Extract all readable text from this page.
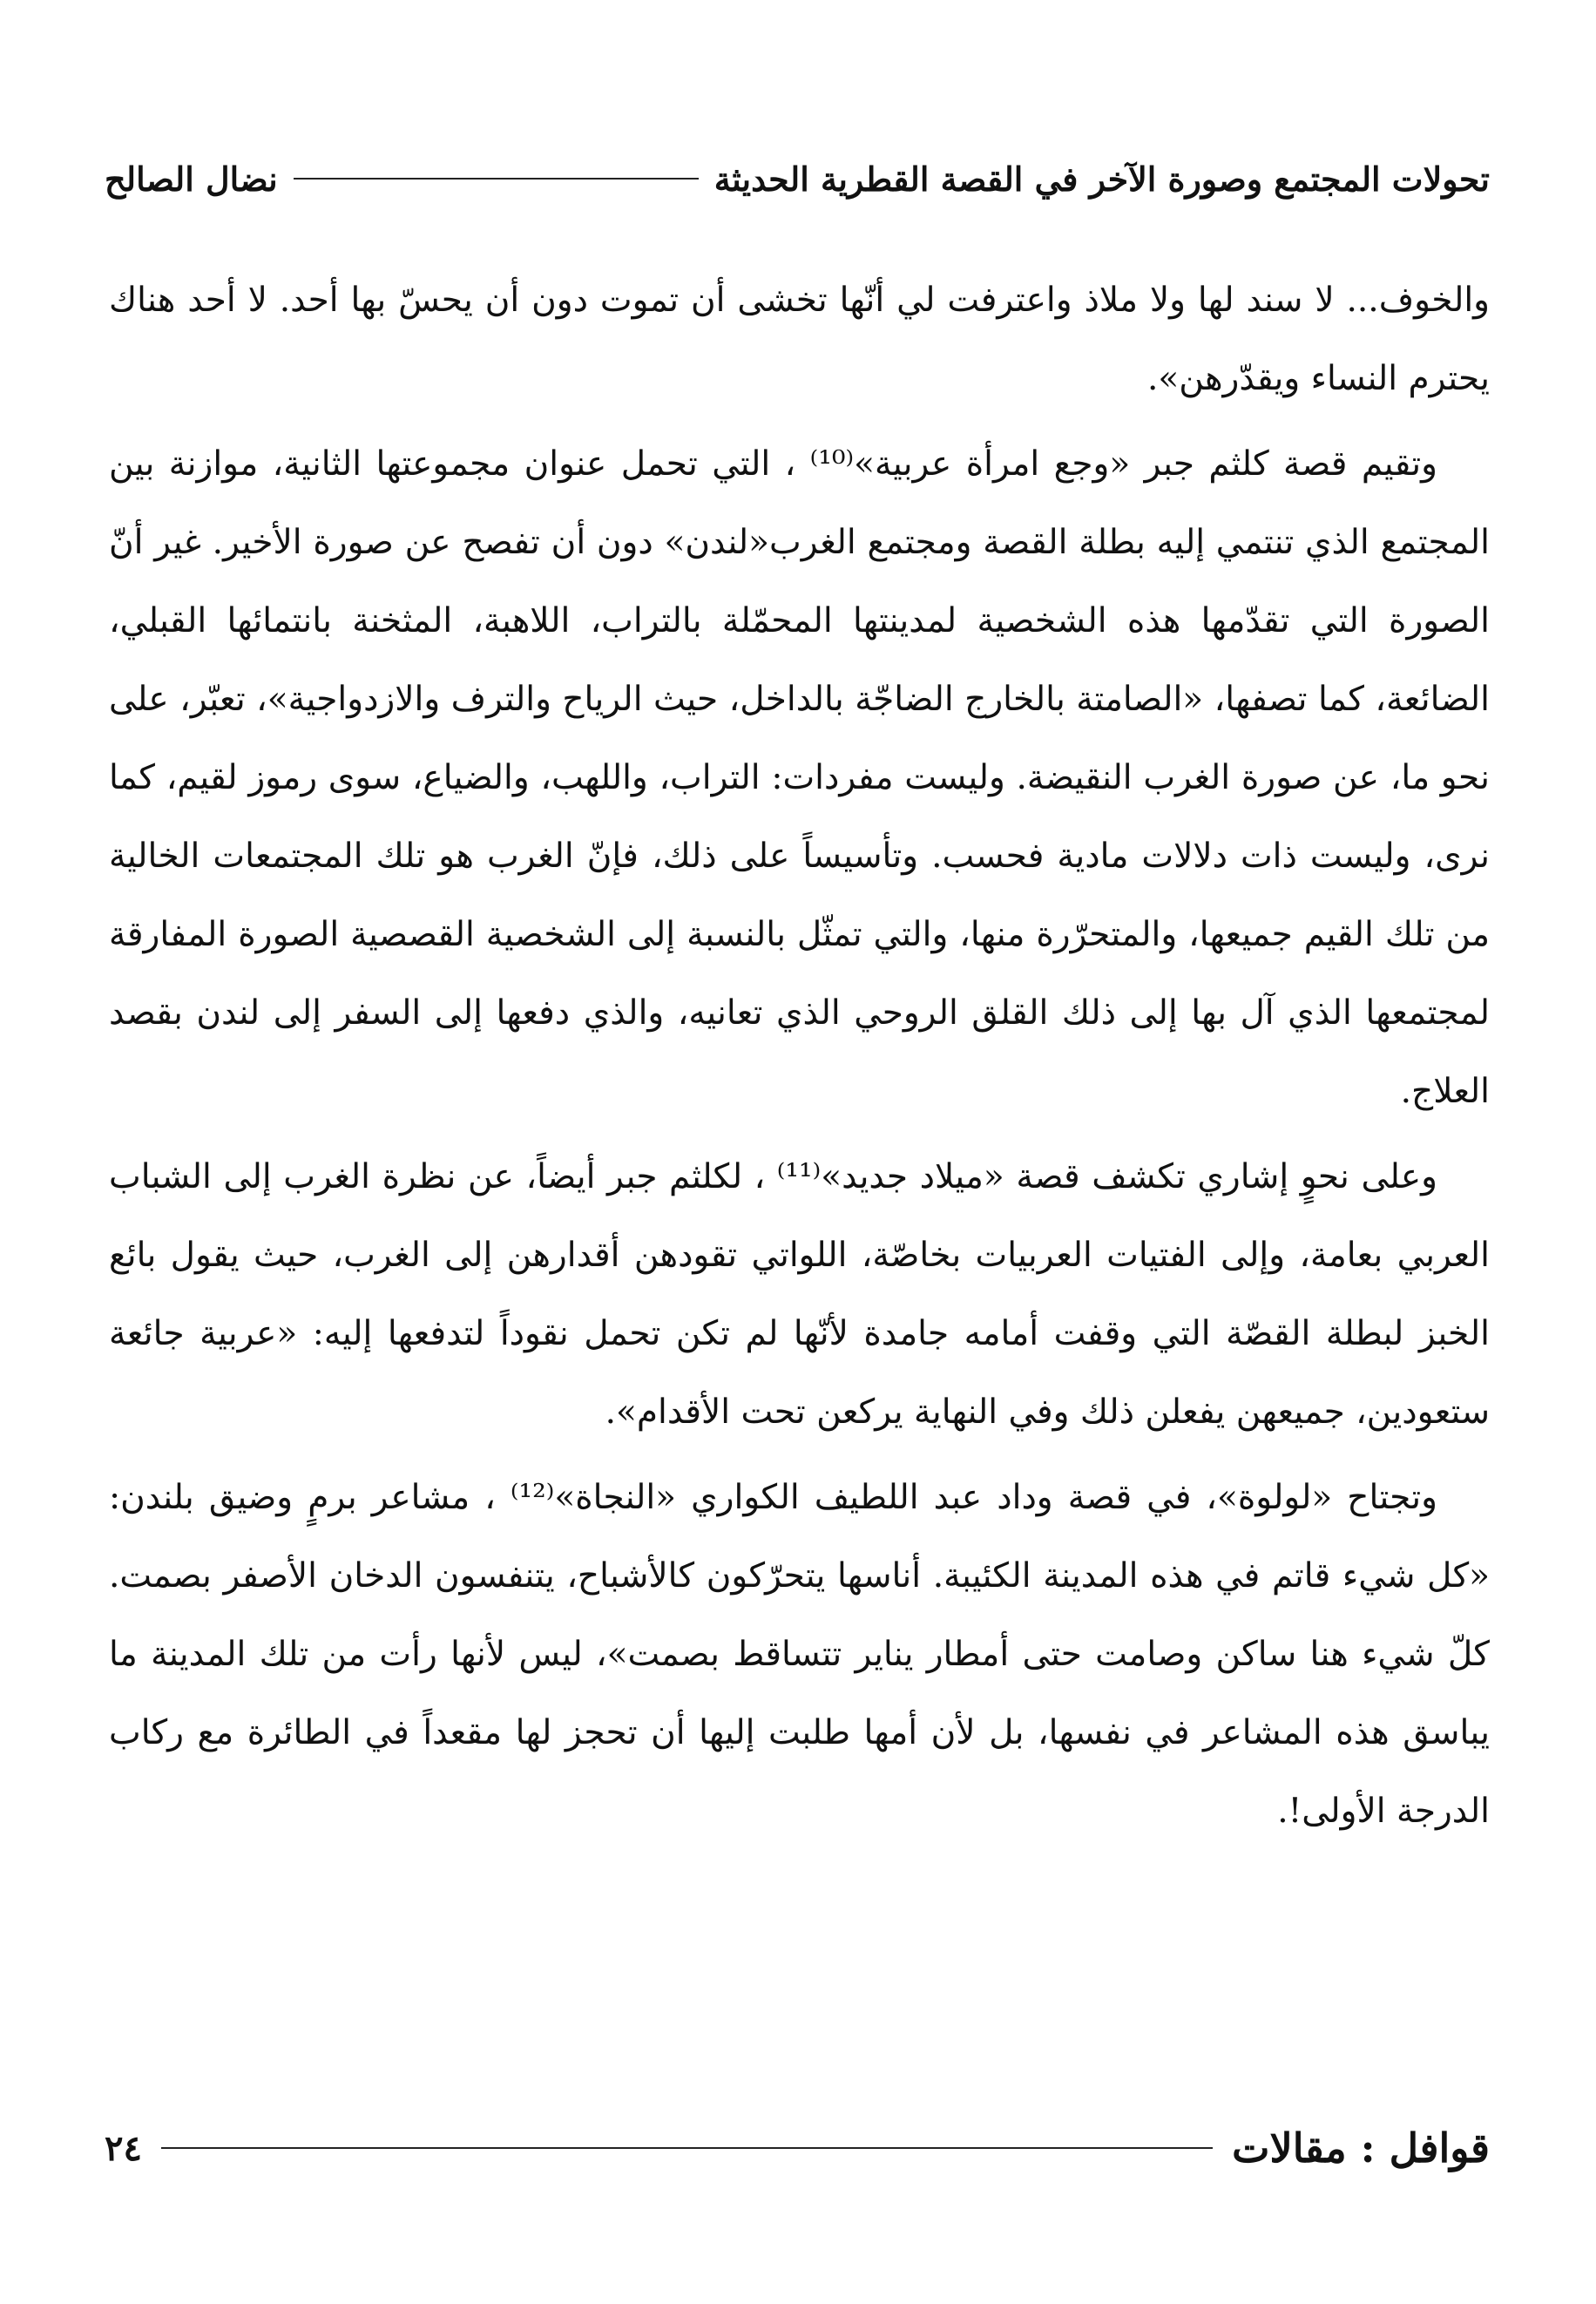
تحولات المجتمع وصورة الآخر في القصة القطرية الحديثة
نضال الصالح

والخوف... لا سند لها ولا ملاذ واعترفت لي أنّها تخشى أن تموت دون أن يحسّ بها أحد. لا أحد هناك يحترم النساء ويقدّرهن».

وتقيم قصة كلثم جبر «وجع امرأة عربية»⁽¹⁰⁾ ، التي تحمل عنوان مجموعتها الثانية، موازنة بين المجتمع الذي تنتمي إليه بطلة القصة ومجتمع الغرب«لندن» دون أن تفصح عن صورة الأخير. غير أنّ الصورة التي تقدّمها هذه الشخصية لمدينتها المحمّلة بالتراب، اللاهبة، المثخنة بانتمائها القبلي، الضائعة، كما تصفها، «الصامتة بالخارج الضاجّة بالداخل، حيث الرياح والترف والازدواجية»، تعبّر، على نحو ما، عن صورة الغرب النقيضة. وليست مفردات: التراب، واللهب، والضياع، سوى رموز لقيم، كما نرى، وليست ذات دلالات مادية فحسب. وتأسيساً على ذلك، فإنّ الغرب هو تلك المجتمعات الخالية من تلك القيم جميعها، والمتحرّرة منها، والتي تمثّل بالنسبة إلى الشخصية القصصية الصورة المفارقة لمجتمعها الذي آل بها إلى ذلك القلق الروحي الذي تعانيه، والذي دفعها إلى السفر إلى لندن بقصد العلاج.

وعلى نحوٍ إشاري تكشف قصة «ميلاد جديد»⁽¹¹⁾ ، لكلثم جبر أيضاً، عن نظرة الغرب إلى الشباب العربي بعامة، وإلى الفتيات العربيات بخاصّة، اللواتي تقودهن أقدارهن إلى الغرب، حيث يقول بائع الخبز لبطلة القصّة التي وقفت أمامه جامدة لأنّها لم تكن تحمل نقوداً لتدفعها إليه: «عربية جائعة ستعودين، جميعهن يفعلن ذلك وفي النهاية يركعن تحت الأقدام».

وتجتاح «لولوة»، في قصة وداد عبد اللطيف الكواري «النجاة»⁽¹²⁾ ، مشاعر برمٍ وضيق بلندن: «كل شيء قاتم في هذه المدينة الكئيبة. أناسها يتحرّكون كالأشباح، يتنفسون الدخان الأصفر بصمت. كلّ شيء هنا ساكن وصامت حتى أمطار يناير تتساقط بصمت»، ليس لأنها رأت من تلك المدينة ما يباسق هذه المشاعر في نفسها، بل لأن أمها طلبت إليها أن تحجز لها مقعداً في الطائرة مع ركاب الدرجة الأولى!.

قوافل : مقالات
٢٤
